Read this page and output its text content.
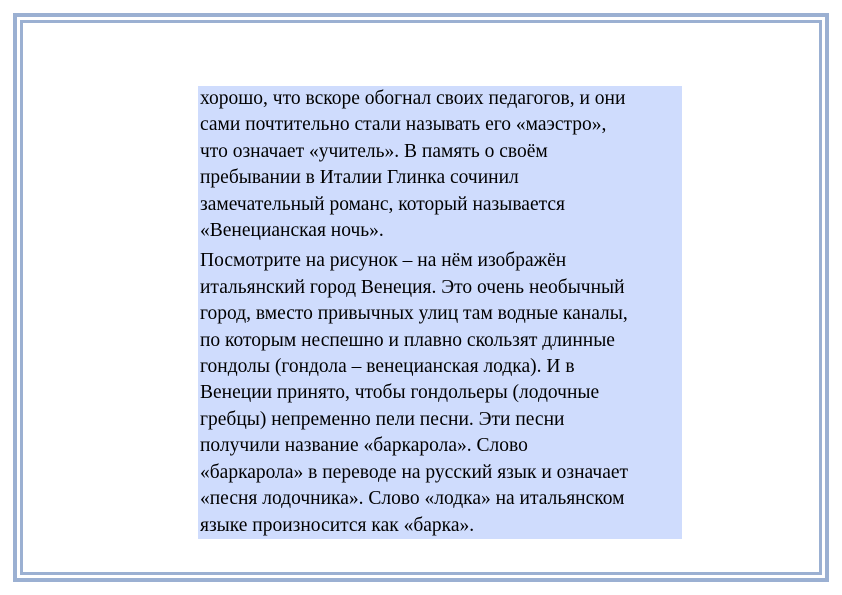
хорошо, что вскоре обогнал своих педагогов, и они
сами почтительно стали называть его «маэстро»,
что означает «учитель». В память о своём
пребывании в Италии Глинка сочинил
замечательный романс, который называется
«Венецианская ночь».

Посмотрите на рисунок – на нём изображён
итальянский город Венеция. Это очень необычный
город, вместо привычных улиц там водные каналы,
по которым неспешно и плавно скользят длинные
гондолы (гондола – венецианская лодка). И в
Венеции принято, чтобы гондольеры (лодочные
гребцы) непременно пели песни. Эти песни
получили название «баркарола». Слово
«баркарола» в переводе на русский язык и означает
«песня лодочника». Слово «лодка» на итальянском
языке произносится как «барка».
